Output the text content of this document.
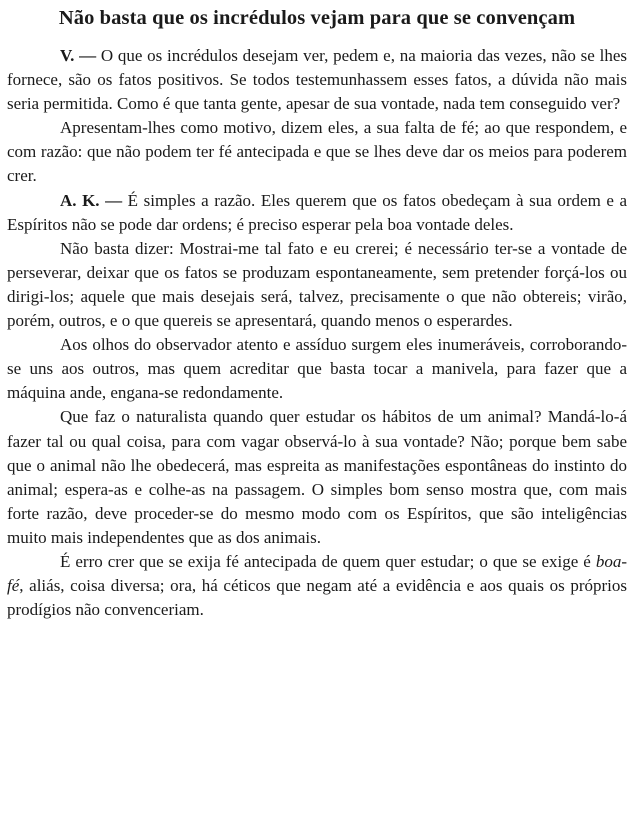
Não basta que os incrédulos vejam para que se convençam

V. — O que os incrédulos desejam ver, pedem e, na maioria das vezes, não se lhes fornece, são os fatos positivos. Se todos testemunhassem esses fatos, a dúvida não mais seria permitida. Como é que tanta gente, apesar de sua vontade, nada tem conseguido ver?

Apresentam-lhes como motivo, dizem eles, a sua falta de fé; ao que respondem, e com razão: que não podem ter fé antecipada e que se lhes deve dar os meios para poderem crer.

A. K. — É simples a razão. Eles querem que os fatos obedeçam à sua ordem e a Espíritos não se pode dar ordens; é preciso esperar pela boa vontade deles.

Não basta dizer: Mostrai-me tal fato e eu crerei; é necessário ter-se a vontade de perseverar, deixar que os fatos se produzam espontaneamente, sem pretender forçá-los ou dirigi-los; aquele que mais desejais será, talvez, precisamente o que não obtereis; virão, porém, outros, e o que quereis se apresentará, quando menos o esperardes.

Aos olhos do observador atento e assíduo surgem eles inumeráveis, corroborando-se uns aos outros, mas quem acreditar que basta tocar a manivela, para fazer que a máquina ande, engana-se redondamente.

Que faz o naturalista quando quer estudar os hábitos de um animal? Mandá-lo-á fazer tal ou qual coisa, para com vagar observá-lo à sua vontade? Não; porque bem sabe que o animal não lhe obedecerá, mas espreita as manifestações espontâneas do instinto do animal; espera-as e colhe-as na passagem. O simples bom senso mostra que, com mais forte razão, deve proceder-se do mesmo modo com os Espíritos, que são inteligências muito mais independentes que as dos animais.

É erro crer que se exija fé antecipada de quem quer estudar; o que se exige é boa-fé, aliás, coisa diversa; ora, há céticos que negam até a evidência e aos quais os próprios prodígios não convenceriam.
